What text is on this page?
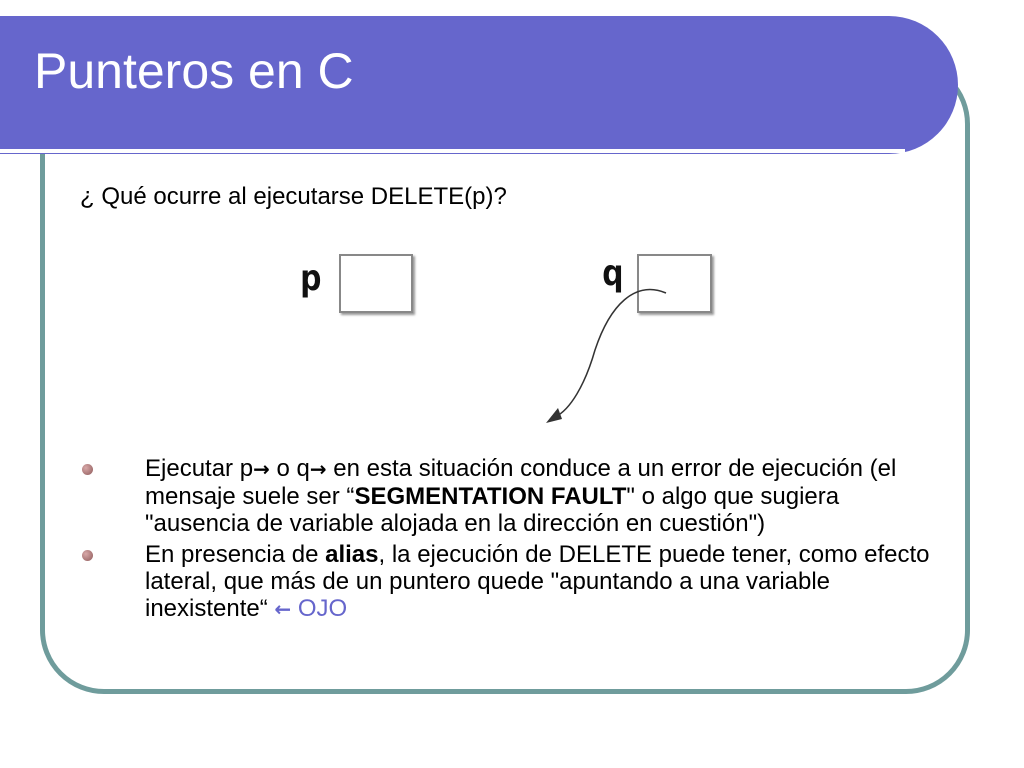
Punteros en C
¿ Qué ocurre al ejecutarse DELETE(p)?
p	q
Ejecutar p→ o q→ en esta situación conduce a un error de ejecución (el mensaje suele ser “SEGMENTATION FAULT" o algo que sugiera "ausencia de variable alojada en la dirección en cuestión")
En presencia de alias, la ejecución de DELETE puede tener, como efecto lateral, que más de un puntero quede "apuntando a una variable inexistente“ ← OJO
